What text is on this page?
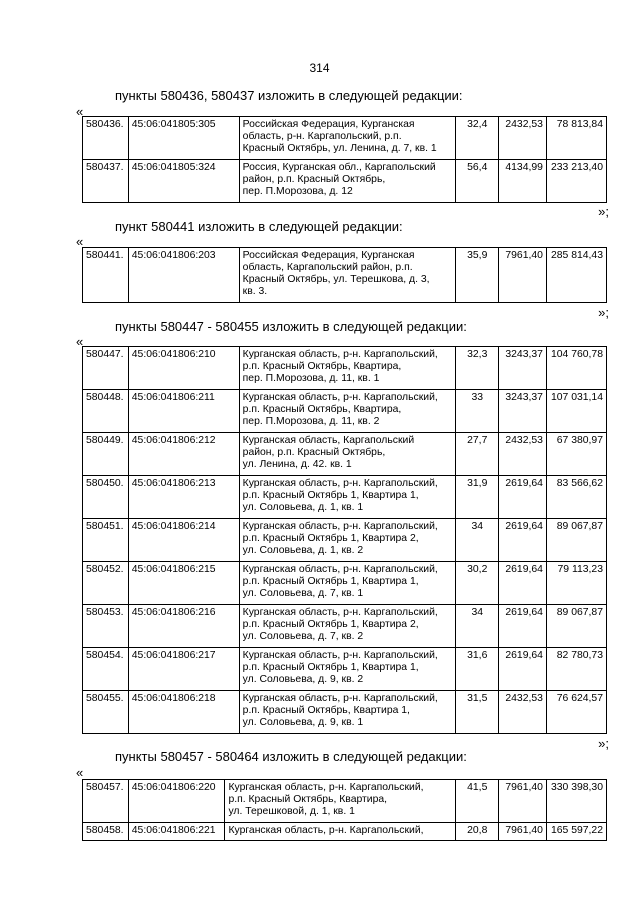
314
пункты 580436, 580437 изложить в следующей редакции:
«
580436.	45:06:041805:305	Российская Федерация, Курганская
область, р-н. Каргапольский, р.п.
Красный Октябрь, ул. Ленина, д. 7, кв. 1	32,4	2432,53	78 813,84
580437.	45:06:041805:324	Россия, Курганская обл., Каргапольский
район, р.п. Красный Октябрь,
пер. П.Морозова, д. 12	56,4	4134,99	233 213,40
»;
пункт 580441 изложить в следующей редакции:
«
580441.	45:06:041806:203	Российская Федерация, Курганская
область, Каргапольский район, р.п.
Красный Октябрь, ул. Терешкова, д. 3,
кв. 3.
	35,9	7961,40	285 814,43
»;
пункты 580447 - 580455 изложить в следующей редакции:
«
580447.	45:06:041806:210	Курганская область, р-н. Каргапольский,
р.п. Красный Октябрь, Квартира,
пер. П.Морозова, д. 11, кв. 1	32,3	3243,37	104 760,78
580448.	45:06:041806:211	Курганская область, р-н. Каргапольский,
р.п. Красный Октябрь, Квартира,
пер. П.Морозова, д. 11, кв. 2	33	3243,37	107 031,14
580449.	45:06:041806:212	Курганская область, Каргапольский
район, р.п. Красный Октябрь,
ул. Ленина, д. 42. кв. 1	27,7	2432,53	67 380,97
580450.	45:06:041806:213	Курганская область, р-н. Каргапольский,
р.п. Красный Октябрь 1, Квартира 1,
ул. Соловьева, д. 1, кв. 1	31,9	2619,64	83 566,62
580451.	45:06:041806:214	Курганская область, р-н. Каргапольский,
р.п. Красный Октябрь 1, Квартира 2,
ул. Соловьева, д. 1, кв. 2	34	2619,64	89 067,87
580452.	45:06:041806:215	Курганская область, р-н. Каргапольский,
р.п. Красный Октябрь 1, Квартира 1,
ул. Соловьева, д. 7, кв. 1	30,2	2619,64	79 113,23
580453.	45:06:041806:216	Курганская область, р-н. Каргапольский,
р.п. Красный Октябрь 1, Квартира 2,
ул. Соловьева, д. 7, кв. 2	34	2619,64	89 067,87
580454.	45:06:041806:217	Курганская область, р-н. Каргапольский,
р.п. Красный Октябрь 1, Квартира 1,
ул. Соловьева, д. 9, кв. 2	31,6	2619,64	82 780,73
580455.	45:06:041806:218	Курганская область, р-н. Каргапольский,
р.п. Красный Октябрь, Квартира 1,
ул. Соловьева, д. 9, кв. 1	31,5	2432,53	76 624,57
»;
пункты 580457 - 580464 изложить в следующей редакции:
«
580457.	45:06:041806:220	Курганская область, р-н. Каргапольский,
р.п. Красный Октябрь, Квартира,
ул. Терешковой, д. 1, кв. 1	41,5	7961,40	330 398,30
580458.	45:06:041806:221	Курганская область, р-н. Каргапольский,	20,8	7961,40	165 597,22
